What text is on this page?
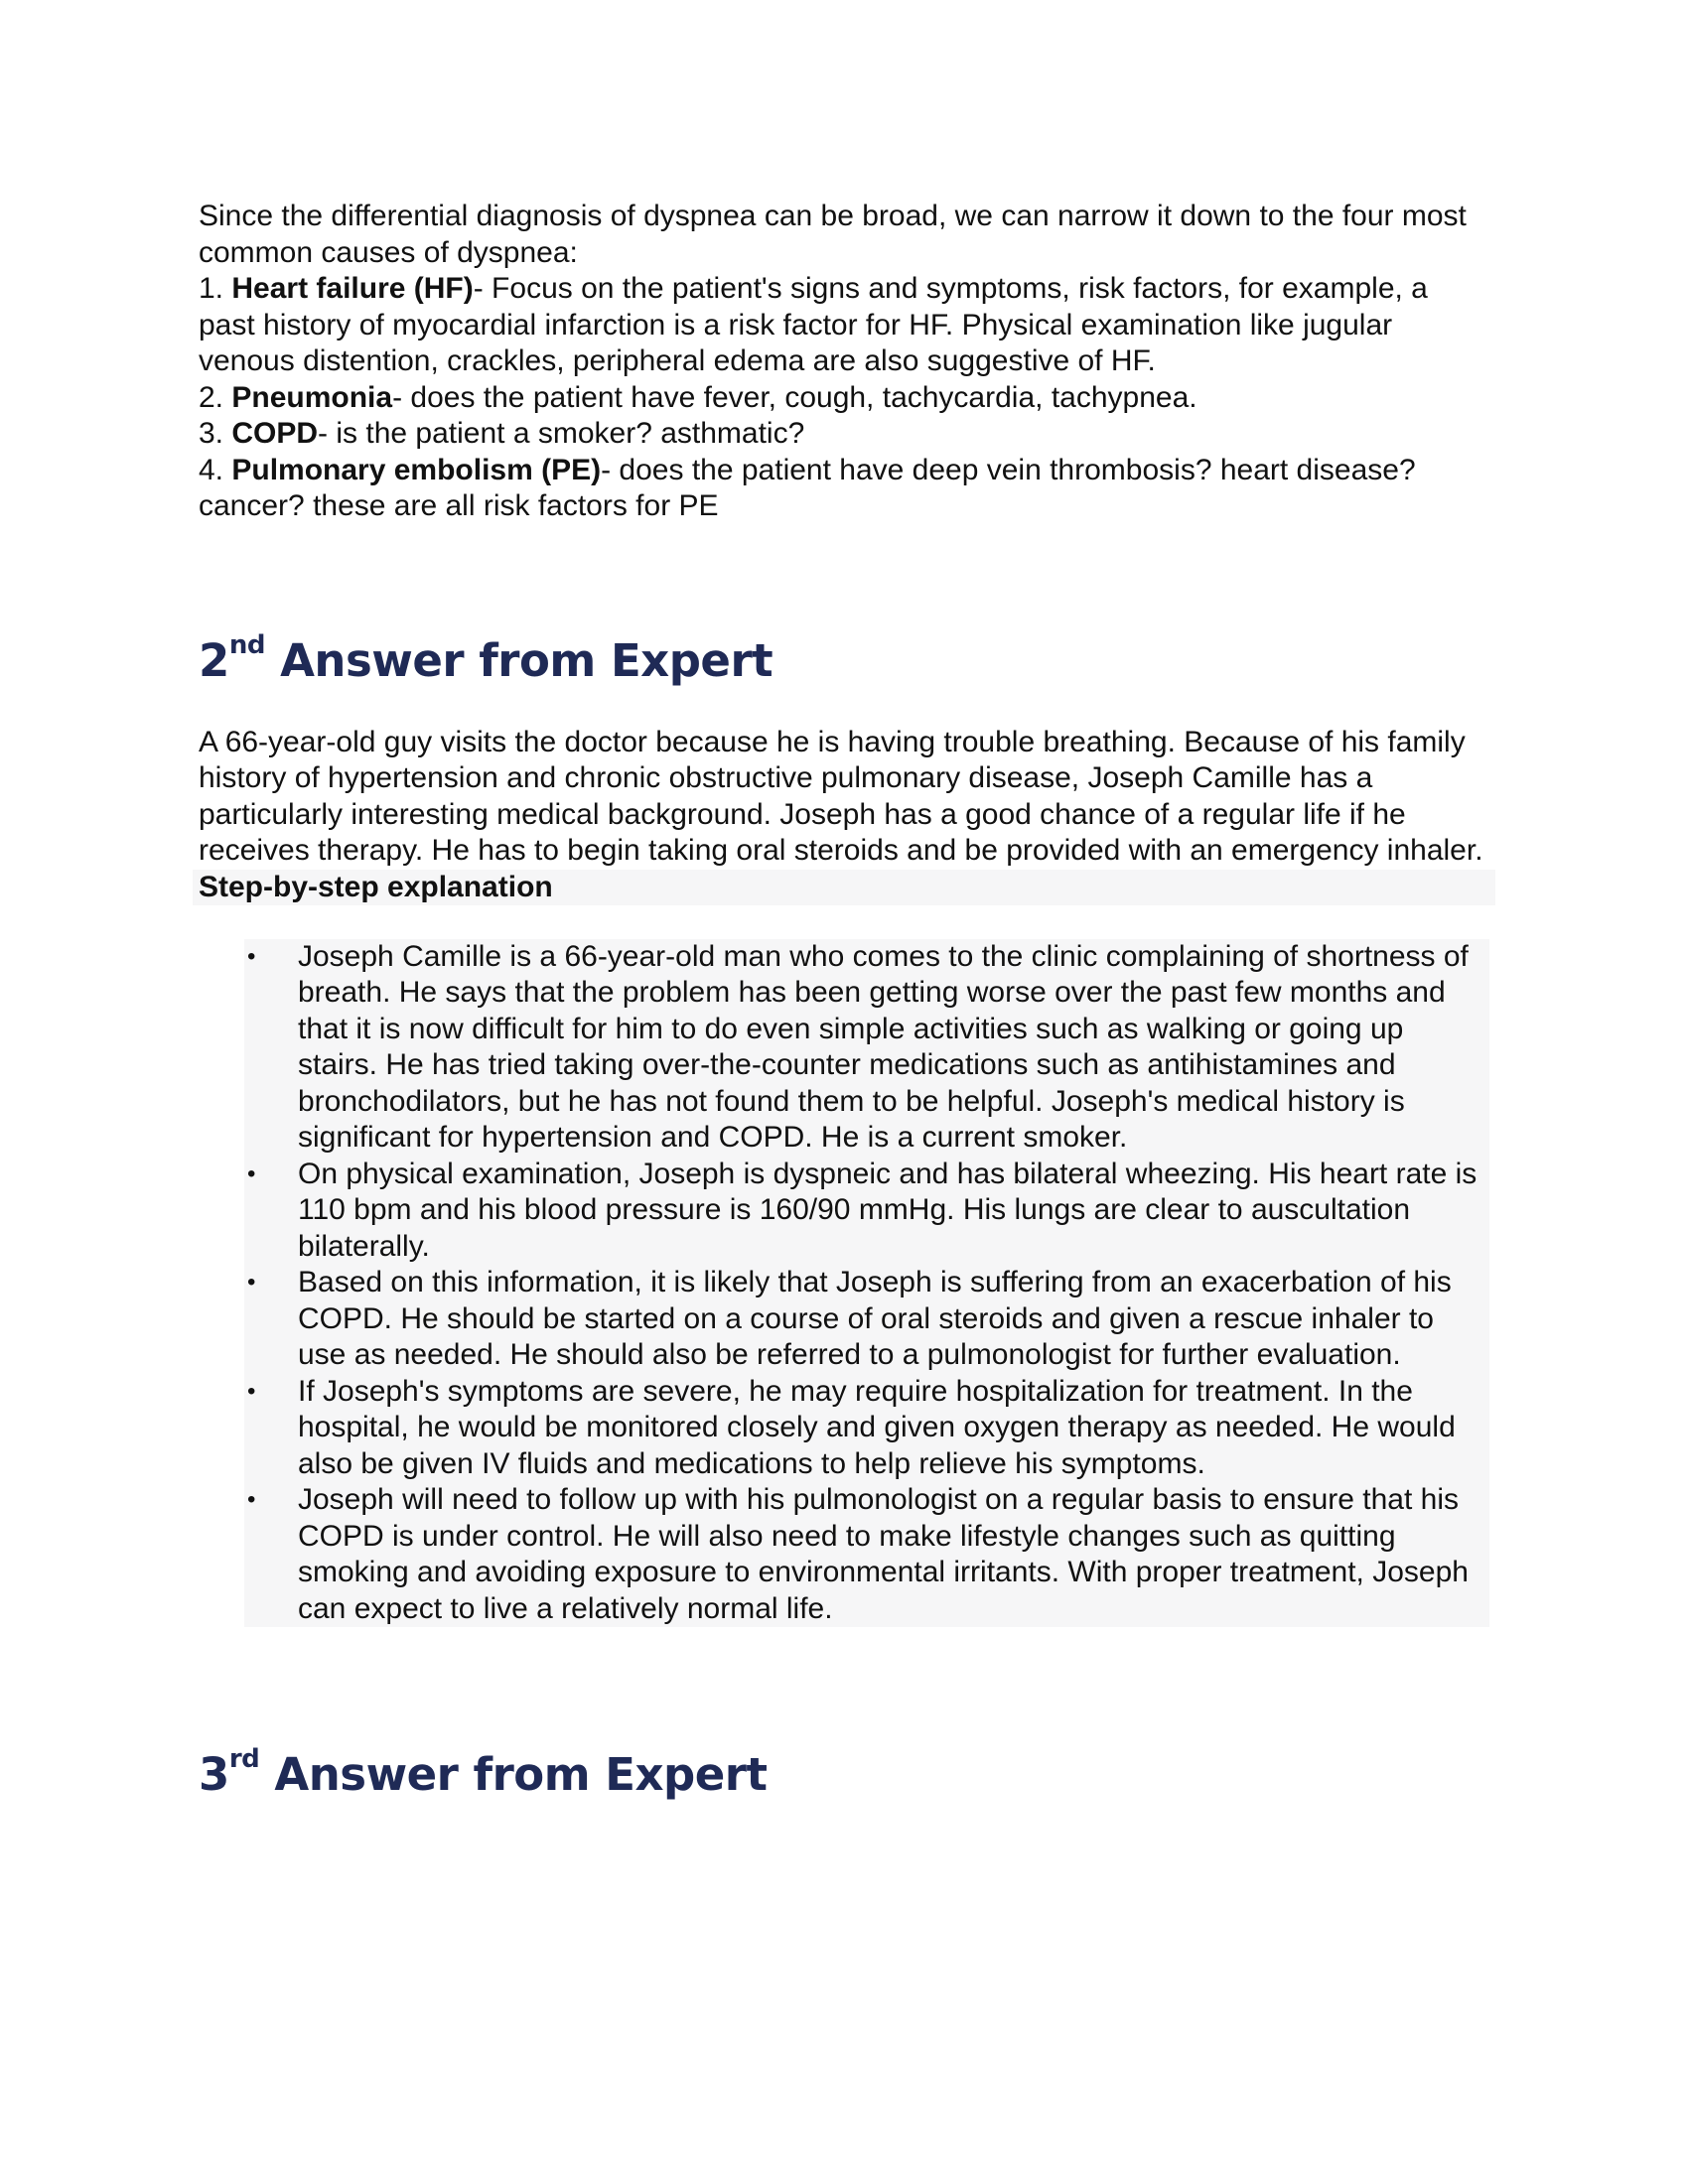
Since the differential diagnosis of dyspnea can be broad, we can narrow it down to the four most common causes of dyspnea:
1. Heart failure (HF)- Focus on the patient's signs and symptoms, risk factors, for example, a past history of myocardial infarction is a risk factor for HF. Physical examination like jugular venous distention, crackles, peripheral edema are also suggestive of HF.
2. Pneumonia- does the patient have fever, cough, tachycardia, tachypnea.
3. COPD- is the patient a smoker? asthmatic?
4. Pulmonary embolism (PE)- does the patient have deep vein thrombosis? heart disease? cancer? these are all risk factors for PE
2nd Answer from Expert

A 66-year-old guy visits the doctor because he is having trouble breathing. Because of his family history of hypertension and chronic obstructive pulmonary disease, Joseph Camille has a particularly interesting medical background. Joseph has a good chance of a regular life if he receives therapy. He has to begin taking oral steroids and be provided with an emergency inhaler.

Step-by-step explanation
• Joseph Camille is a 66-year-old man who comes to the clinic complaining of shortness of breath. He says that the problem has been getting worse over the past few months and that it is now difficult for him to do even simple activities such as walking or going up stairs. He has tried taking over-the-counter medications such as antihistamines and bronchodilators, but he has not found them to be helpful. Joseph's medical history is significant for hypertension and COPD. He is a current smoker.
• On physical examination, Joseph is dyspneic and has bilateral wheezing. His heart rate is 110 bpm and his blood pressure is 160/90 mmHg. His lungs are clear to auscultation bilaterally.
• Based on this information, it is likely that Joseph is suffering from an exacerbation of his COPD. He should be started on a course of oral steroids and given a rescue inhaler to use as needed. He should also be referred to a pulmonologist for further evaluation.
• If Joseph's symptoms are severe, he may require hospitalization for treatment. In the hospital, he would be monitored closely and given oxygen therapy as needed. He would also be given IV fluids and medications to help relieve his symptoms.
• Joseph will need to follow up with his pulmonologist on a regular basis to ensure that his COPD is under control. He will also need to make lifestyle changes such as quitting smoking and avoiding exposure to environmental irritants. With proper treatment, Joseph can expect to live a relatively normal life.
3rd Answer from Expert
